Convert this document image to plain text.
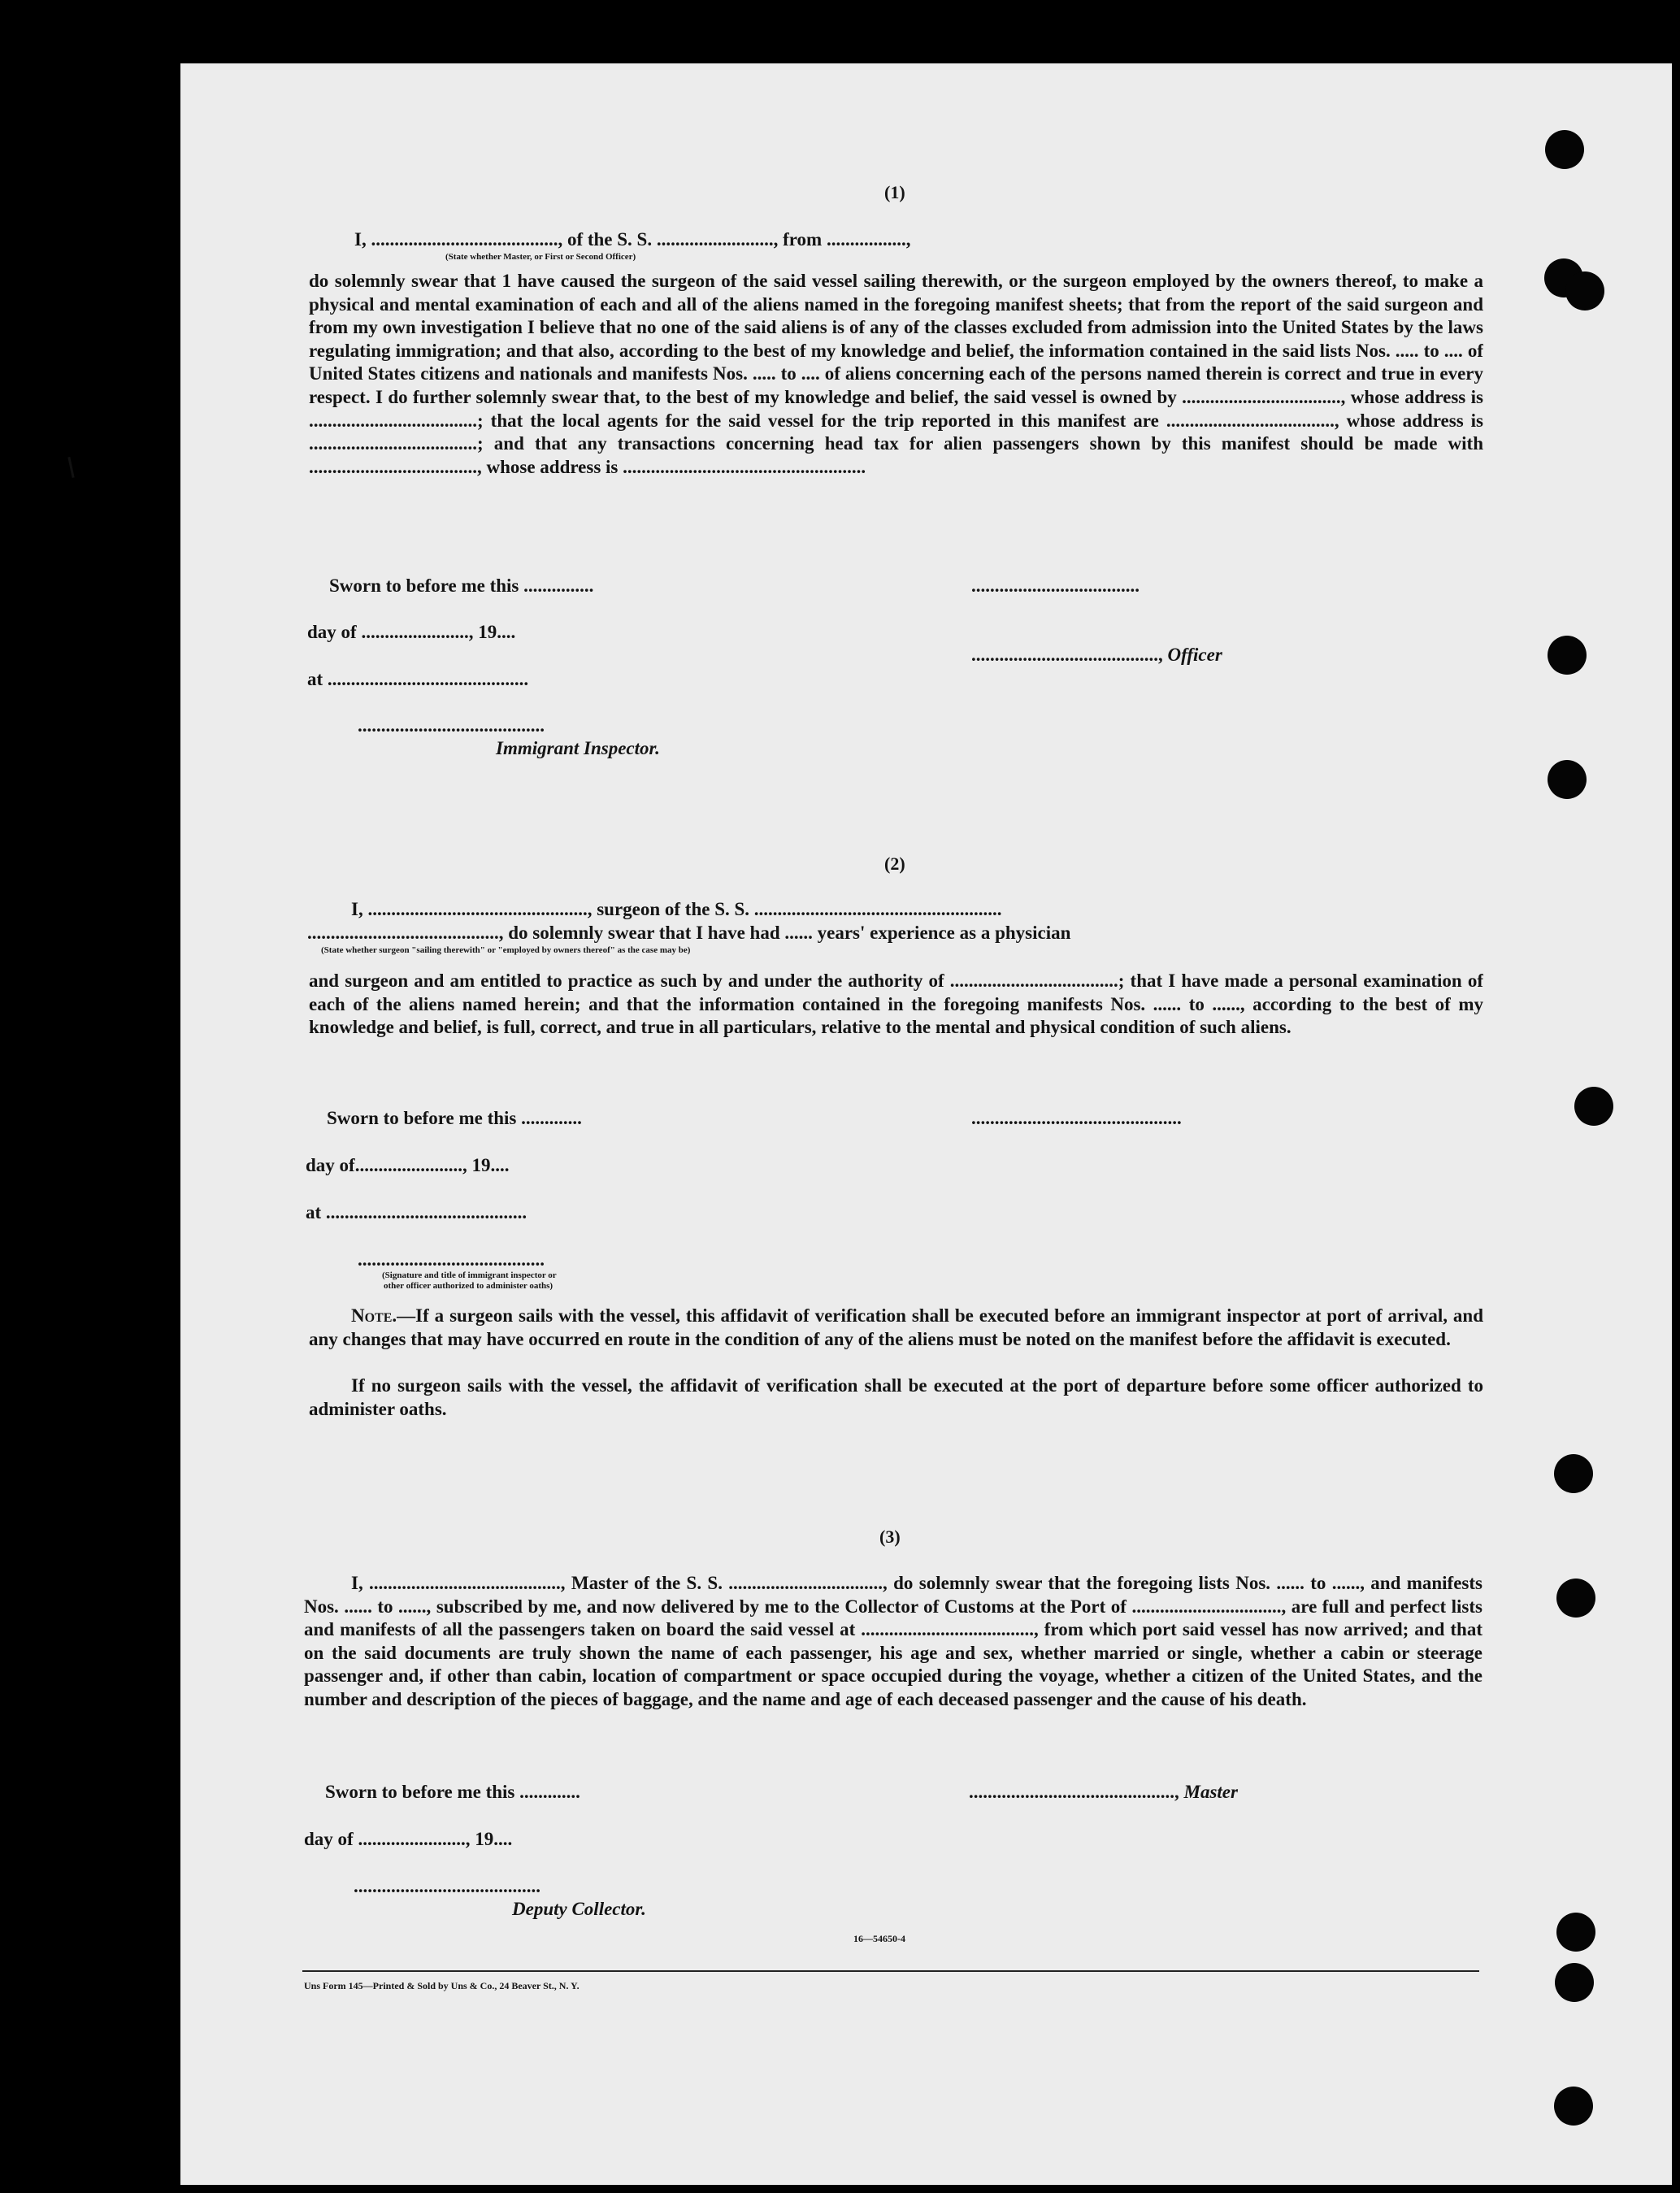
(1)
I, ........................................, of the S. S. ........................., from .................,
(State whether Master, or First or Second Officer)
do solemnly swear that 1 have caused the surgeon of the said vessel sailing therewith, or the surgeon employed by the owners thereof, to make a physical and mental examination of each and all of the aliens named in the foregoing manifest sheets; that from the report of the said surgeon and from my own investigation I believe that no one of the said aliens is of any of the classes excluded from admission into the United States by the laws regulating immigration; and that also, according to the best of my knowledge and belief, the information contained in the said lists Nos. ..... to .... of United States citizens and nationals and manifests Nos. ..... to .... of aliens concerning each of the persons named therein is correct and true in every respect. I do further solemnly swear that, to the best of my knowledge and belief, the said vessel is owned by .................................., whose address is ....................................; that the local agents for the said vessel for the trip reported in this manifest are ...................................., whose address is ....................................; and that any transactions concerning head tax for alien passengers shown by this manifest should be made with ...................................., whose address is ....................................................
Sworn to before me this ...............	....................................
day of ......................., 19....
........................................, Officer
at ...........................................
........................................
Immigrant Inspector.
(2)
I, ..............................................., surgeon of the S. S. .....................................................
........................................., do solemnly swear that I have had ...... years' experience as a physician
(State whether surgeon "sailing therewith" or "employed by owners thereof" as the case may be)
and surgeon and am entitled to practice as such by and under the authority of ....................................; that I have made a personal examination of each of the aliens named herein; and that the information contained in the foregoing manifests Nos. ...... to ......, according to the best of my knowledge and belief, is full, correct, and true in all particulars, relative to the mental and physical condition of such aliens.
Sworn to before me this .............	.............................................
day of......................., 19....
at ...........................................
........................................
(Signature and title of immigrant inspector or
other officer authorized to administer oaths)
Note.—If a surgeon sails with the vessel, this affidavit of verification shall be executed before an immigrant inspector at port of arrival, and any changes that may have occurred en route in the condition of any of the aliens must be noted on the manifest before the affidavit is executed.
If no surgeon sails with the vessel, the affidavit of verification shall be executed at the port of departure before some officer authorized to administer oaths.
(3)
I, ........................................., Master of the S. S. ................................., do solemnly swear that the foregoing lists Nos. ...... to ......, and manifests Nos. ...... to ......, subscribed by me, and now delivered by me to the Collector of Customs at the Port of ................................, are full and perfect lists and manifests of all the passengers taken on board the said vessel at ....................................., from which port said vessel has now arrived; and that on the said documents are truly shown the name of each passenger, his age and sex, whether married or single, whether a cabin or steerage passenger and, if other than cabin, location of compartment or space occupied during the voyage, whether a citizen of the United States, and the number and description of the pieces of baggage, and the name and age of each deceased passenger and the cause of his death.
Sworn to before me this .............	............................................, Master
day of ......................., 19....
........................................
Deputy Collector.
16—54650-4
Uns Form 145—Printed & Sold by Uns & Co., 24 Beaver St., N. Y.
